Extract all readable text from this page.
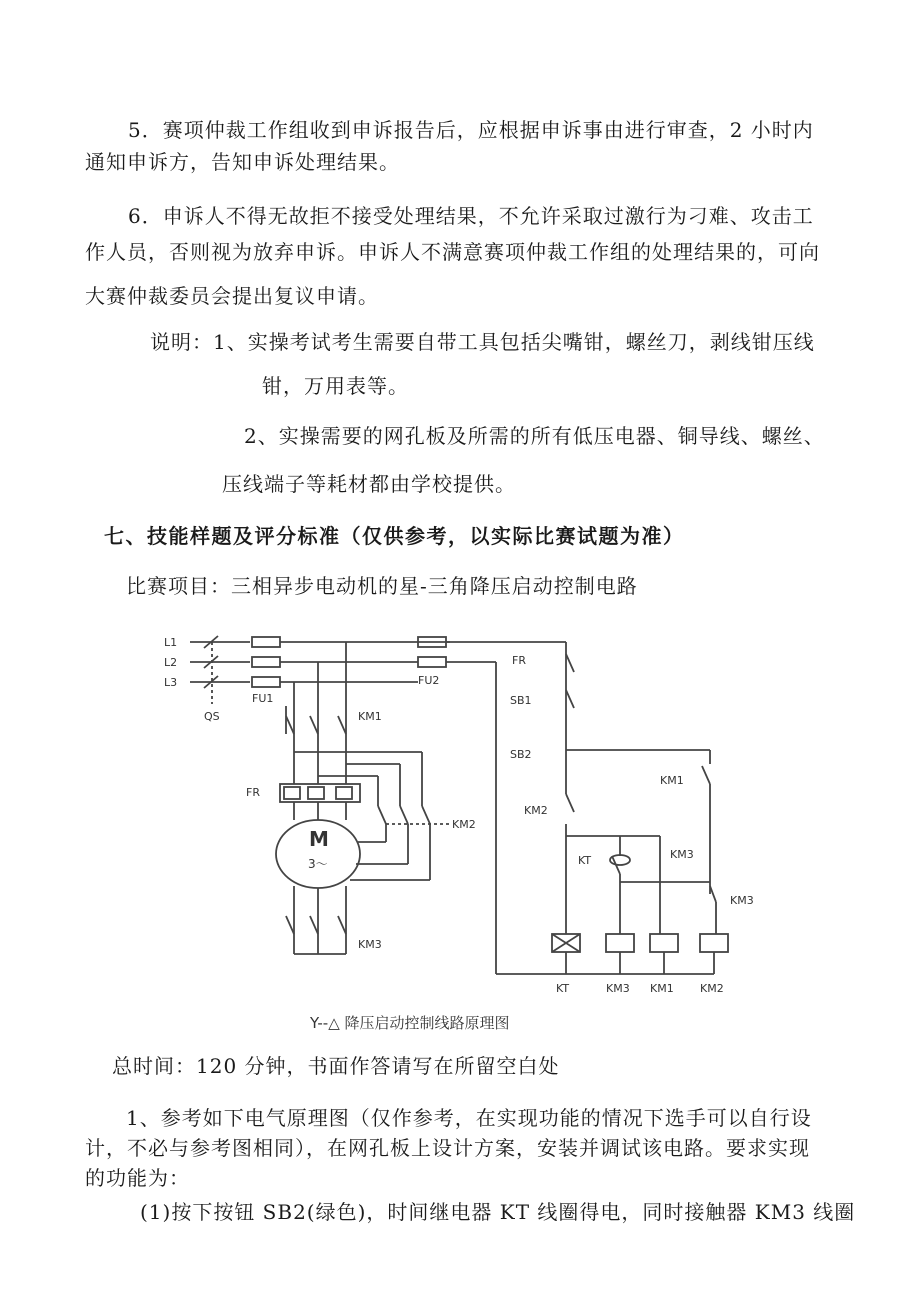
5．赛项仲裁工作组收到申诉报告后，应根据申诉事由进行审查，2 小时内
通知申诉方，告知申诉处理结果。
6．申诉人不得无故拒不接受处理结果，不允许采取过激行为刁难、攻击工
作人员，否则视为放弃申诉。申诉人不满意赛项仲裁工作组的处理结果的，可向
大赛仲裁委员会提出复议申请。
说明：1、实操考试考生需要自带工具包括尖嘴钳，螺丝刀，剥线钳压线
钳，万用表等。
2、实操需要的网孔板及所需的所有低压电器、铜导线、螺丝、
压线端子等耗材都由学校提供。
七、技能样题及评分标准（仅供参考，以实际比赛试题为准）
比赛项目：三相异步电动机的星-三角降压启动控制电路
L1
L2
L3
QS
FU1
FU2
KM1
FR
KM2
KM3
FR
SB1
SB2
KM2
KM1
KT	KM3
KM3
KT	KM3 KM1 KM2
M
3～
Y--△ 降压启动控制线路原理图
总时间：120 分钟，书面作答请写在所留空白处
1、参考如下电气原理图（仅作参考，在实现功能的情况下选手可以自行设
计，不必与参考图相同），在网孔板上设计方案，安装并调试该电路。要求实现
的功能为：
(1)按下按钮 SB2(绿色)，时间继电器 KT 线圈得电，同时接触器 KM3 线圈
